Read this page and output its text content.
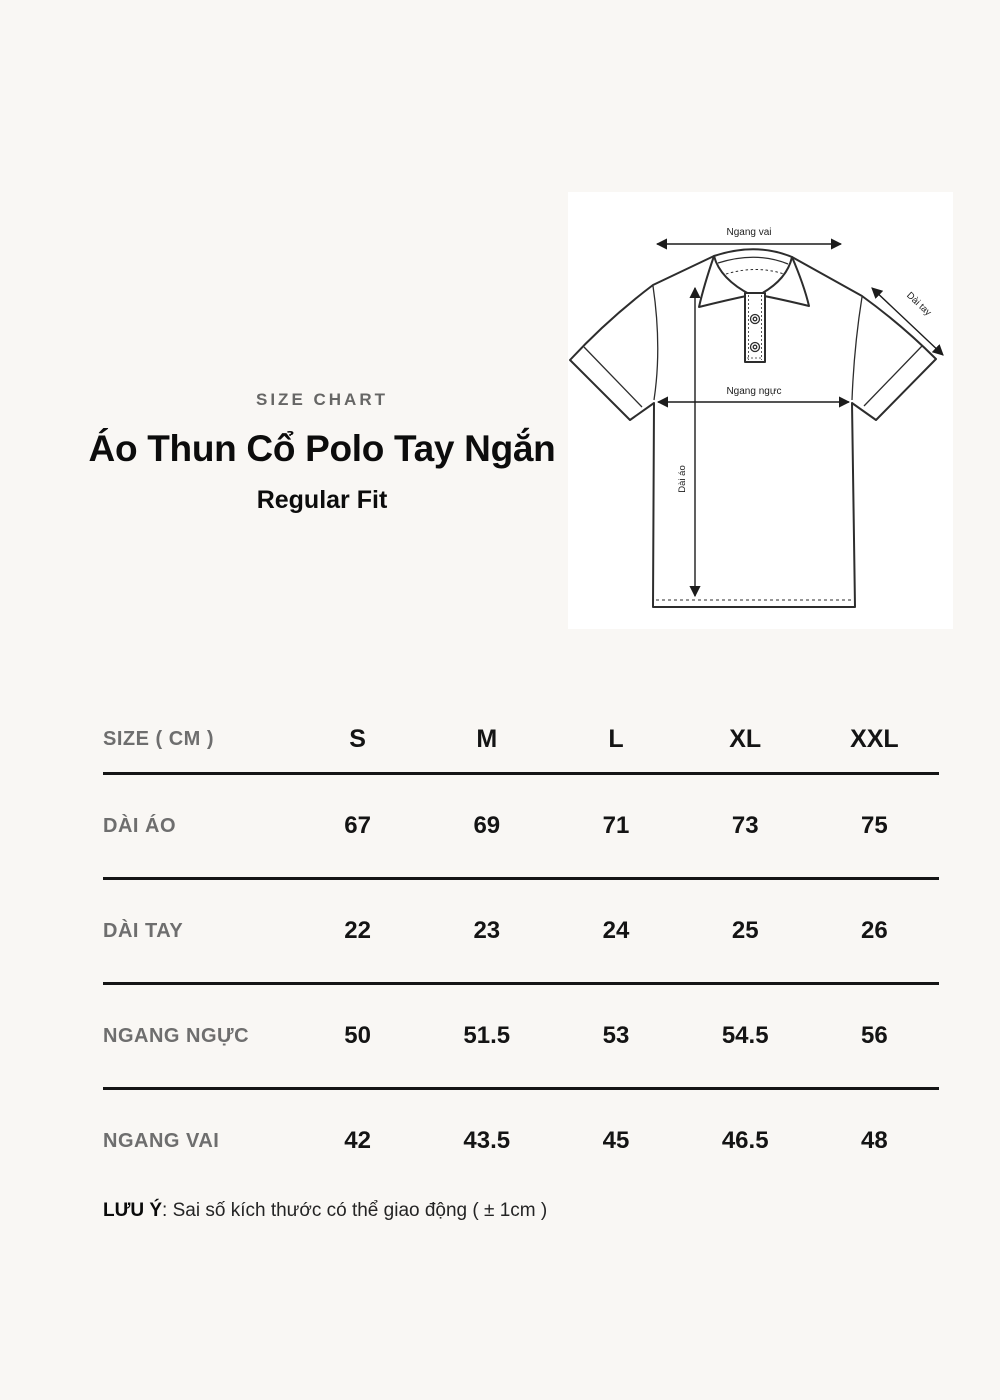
SIZE CHART
Áo Thun Cổ Polo Tay Ngắn
Regular Fit
Ngang vai
Ngang ngực
Dài áo
Dài tay
SIZE ( CM )	S	M	L	XL	XXL
DÀI ÁO	67	69	71	73	75
DÀI TAY	22	23	24	25	26
NGANG NGỰC	50	51.5	53	54.5	56
NGANG VAI	42	43.5	45	46.5	48

LƯU Ý: Sai số kích thước có thể giao động ( ± 1cm )
